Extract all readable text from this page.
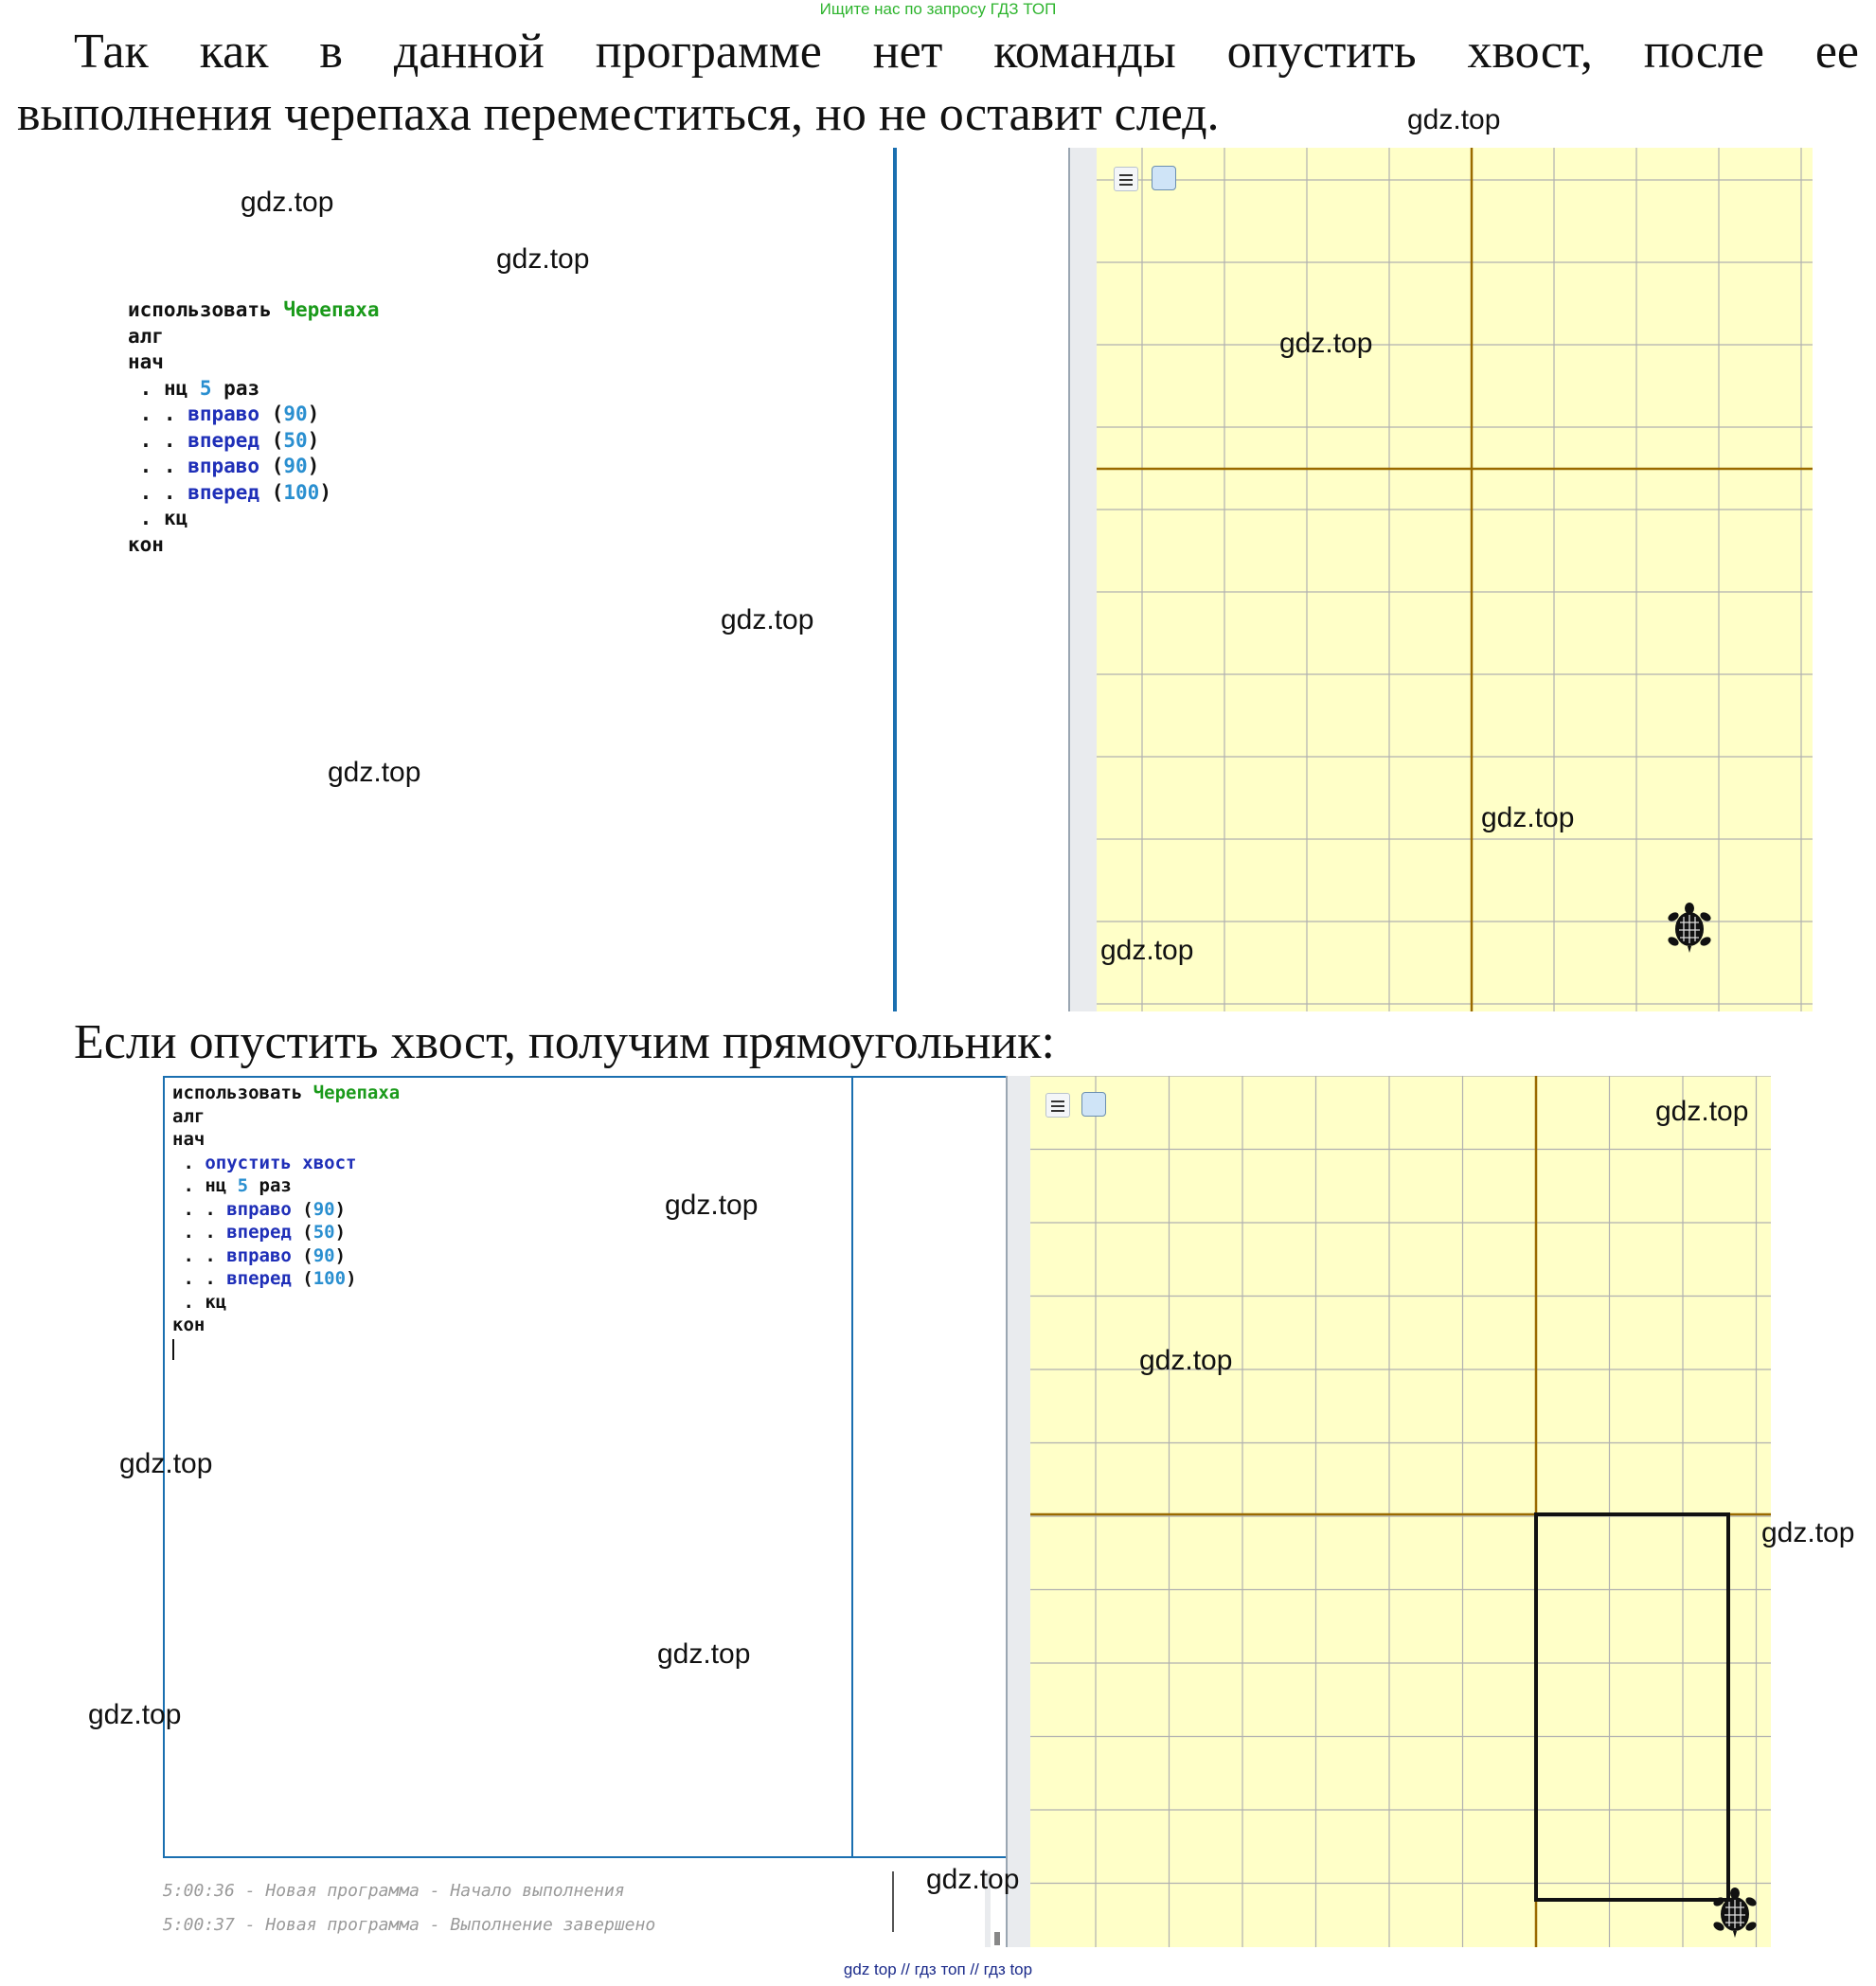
Ищите нас по запросу ГДЗ ТОП
Так как в данной программе нет команды опустить хвост, после ее
выполнения черепаха переместиться, но не оставит след.	gdz.top
использовать Черепаха
алг
нач
. нц 5 раз
. . вправо (90)
. . вперед (50)
. . вправо (90)
. . вперед (100)
. кц
кон

gdz.top
gdz.top
gdz.top
gdz.top
gdz.top
gdz.top
gdz.top
Если опустить хвост, получим прямоугольник:
использовать Черепаха
алг
нач
. опустить хвост
. нц 5 раз
. . вправо (90)
. . вперед (50)
. . вправо (90)
. . вперед (100)
. кц
кон

5:00:36 - Новая программа - Начало выполнения
5:00:37 - Новая программа - Выполнение завершено
gdz.top
gdz.top
gdz.top
gdz.top
gdz.top
gdz.top
gdz.top
gdz.top
gdz top // гдз топ // гдз top
